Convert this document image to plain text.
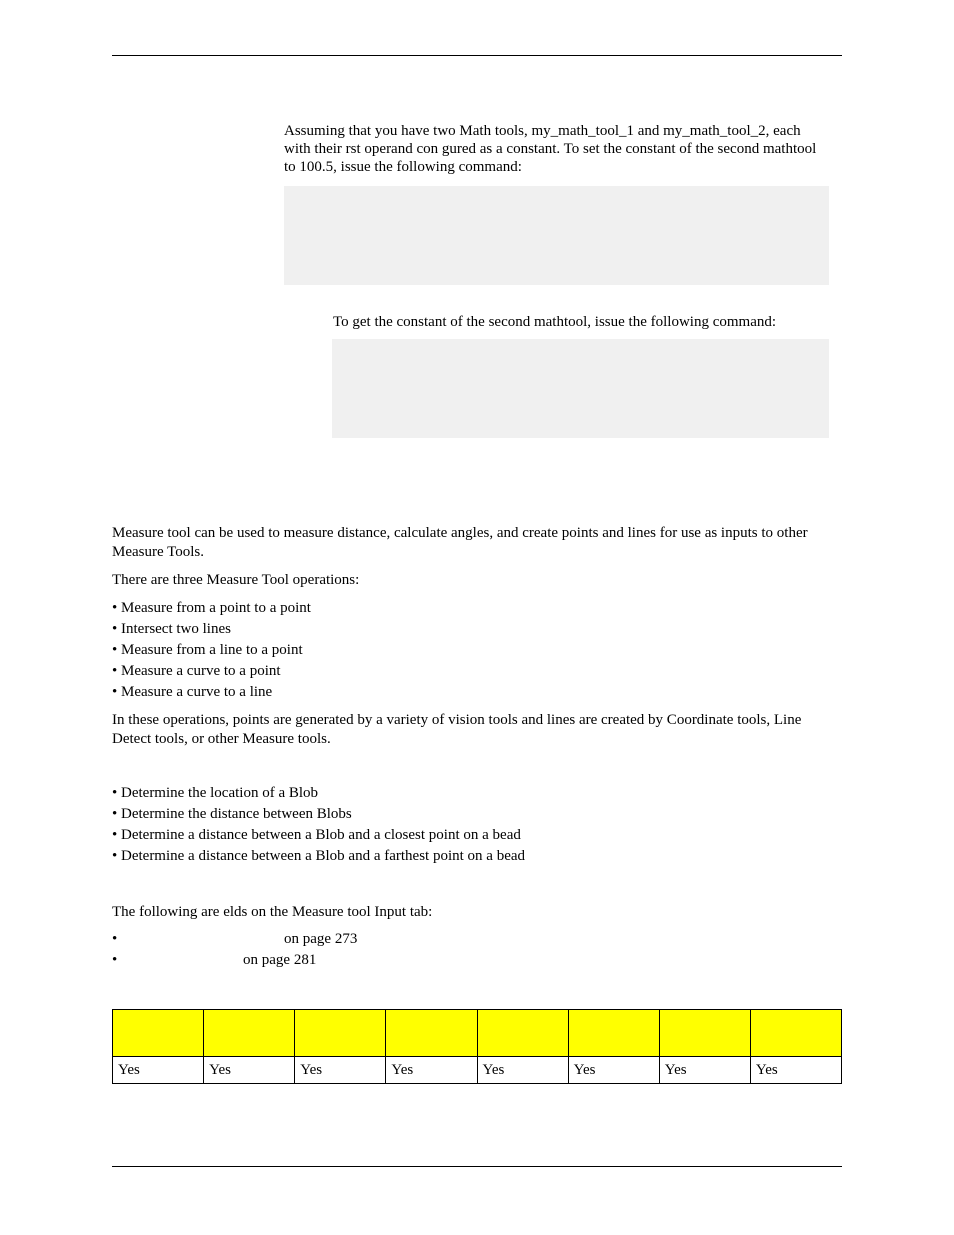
Assuming that you have two Math tools, my_math_tool_1 and my_math_tool_2, each
with their rst operand con gured as a constant. To set the constant of the second mathtool
to 100.5, issue the following command:
To get the constant of the second mathtool, issue the following command:
Measure tool can be used to measure distance, calculate angles, and create points and lines for use as inputs to other
Measure Tools.
There are three Measure Tool operations:
• Measure from a point to a point
• Intersect two lines
• Measure from a line to a point
• Measure a curve to a point
• Measure a curve to a line
In these operations, points are generated by a variety of vision tools and lines are created by Coordinate tools, Line
Detect tools, or other Measure tools.
• Determine the location of a Blob
• Determine the distance between Blobs
• Determine a distance between a Blob and a closest point on a bead
• Determine a distance between a Blob and a farthest point on a bead
The following are elds on the Measure tool Input tab:
•	on page 273
•	on page 281

Yes	Yes	Yes	Yes	Yes	Yes	Yes	Yes
